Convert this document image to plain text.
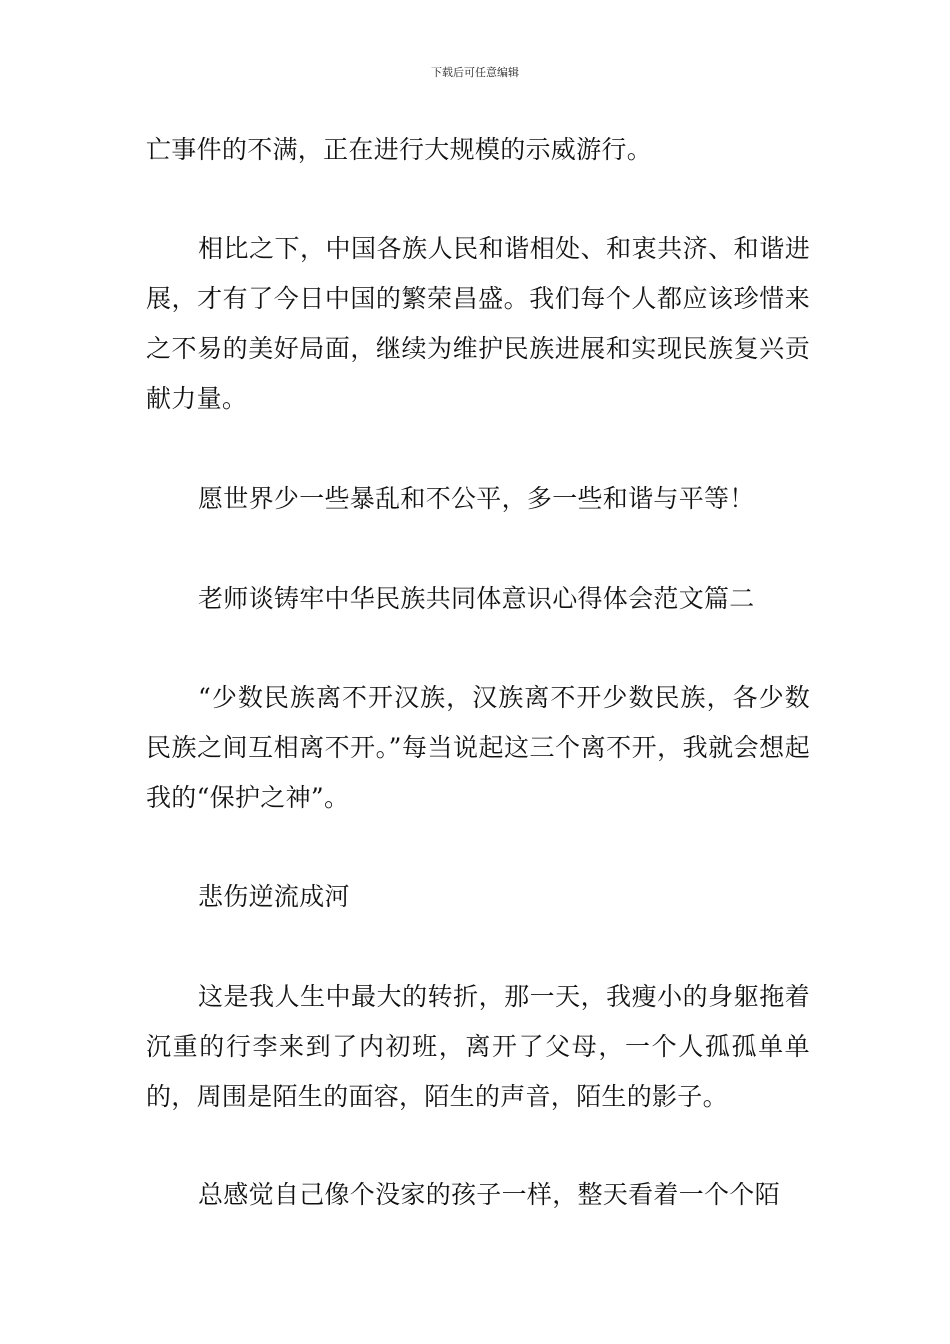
下载后可任意编辑
亡事件的不满，正在进行大规模的示威游行。
相比之下，中国各族人民和谐相处、和衷共济、和谐进展，才有了今日中国的繁荣昌盛。我们每个人都应该珍惜来之不易的美好局面，继续为维护民族进展和实现民族复兴贡献力量。
愿世界少一些暴乱和不公平，多一些和谐与平等！
老师谈铸牢中华民族共同体意识心得体会范文篇二
“少数民族离不开汉族，汉族离不开少数民族，各少数民族之间互相离不开。”每当说起这三个离不开，我就会想起我的“保护之神”。
悲伤逆流成河
这是我人生中最大的转折，那一天，我瘦小的身躯拖着沉重的行李来到了内初班，离开了父母，一个人孤孤单单的，周围是陌生的面容，陌生的声音，陌生的影子。
总感觉自己像个没家的孩子一样，整天看着一个个陌
